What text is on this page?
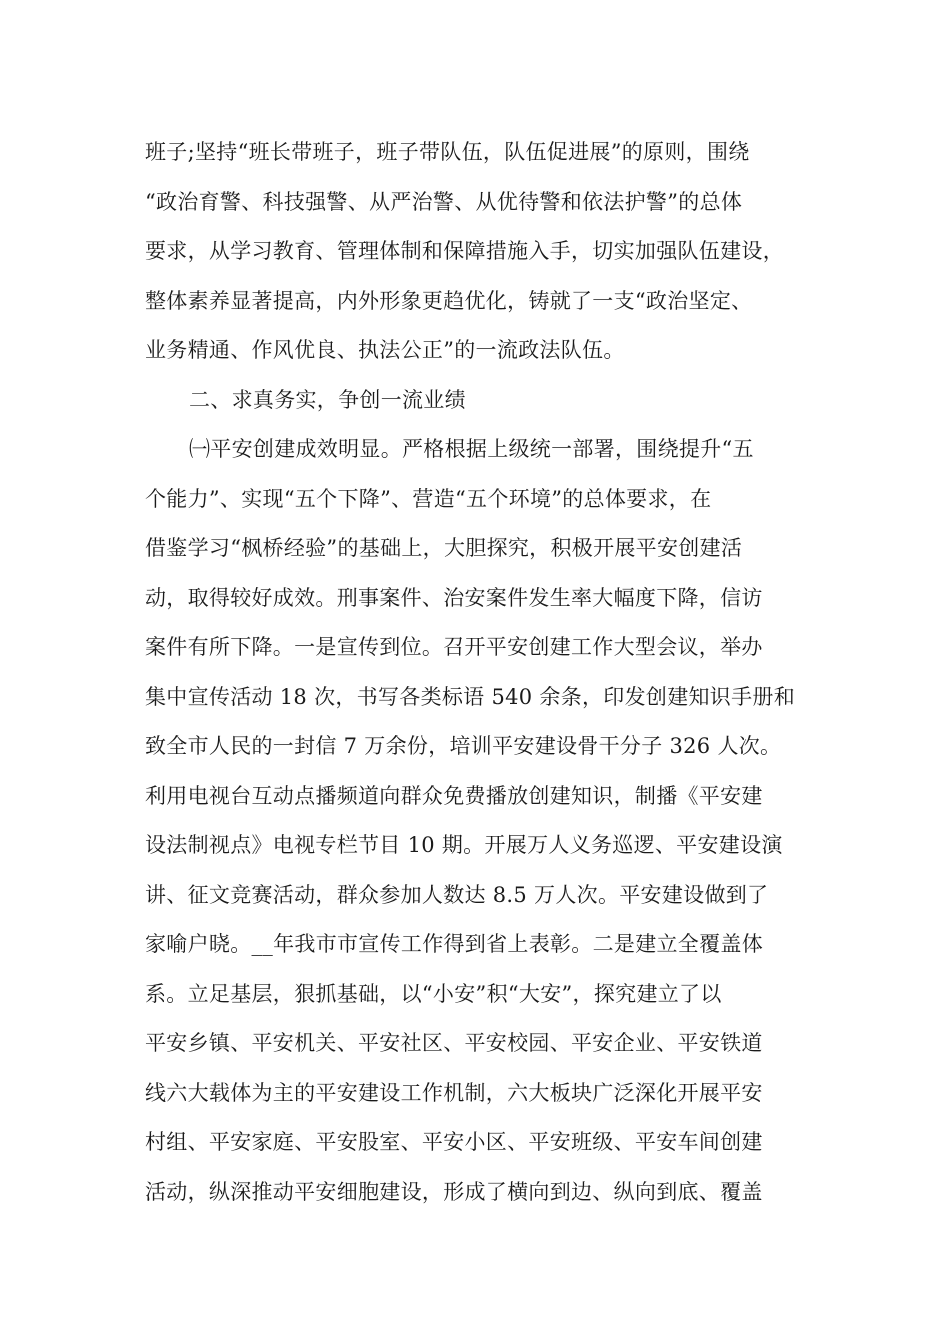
班子;坚持“班长带班子，班子带队伍，队伍促进展”的原则，围绕
“政治育警、科技强警、从严治警、从优待警和依法护警”的总体
要求，从学习教育、管理体制和保障措施入手，切实加强队伍建设，
整体素养显著提高，内外形象更趋优化，铸就了一支“政治坚定、
业务精通、作风优良、执法公正”的一流政法队伍。
二、求真务实，争创一流业绩
㈠平安创建成效明显。严格根据上级统一部署，围绕提升“五
个能力”、实现“五个下降”、营造“五个环境”的总体要求，在
借鉴学习“枫桥经验”的基础上，大胆探究，积极开展平安创建活
动，取得较好成效。刑事案件、治安案件发生率大幅度下降，信访
案件有所下降。一是宣传到位。召开平安创建工作大型会议，举办
集中宣传活动 18 次，书写各类标语 540 余条，印发创建知识手册和
致全市人民的一封信 7 万余份，培训平安建设骨干分子 326 人次。
利用电视台互动点播频道向群众免费播放创建知识，制播《平安建
设法制视点》电视专栏节目 10 期。开展万人义务巡逻、平安建设演
讲、征文竞赛活动，群众参加人数达 8.5 万人次。平安建设做到了
家喻户晓。__年我市市宣传工作得到省上表彰。二是建立全覆盖体
系。立足基层，狠抓基础，以“小安”积“大安”，探究建立了以
平安乡镇、平安机关、平安社区、平安校园、平安企业、平安铁道
线六大载体为主的平安建设工作机制，六大板块广泛深化开展平安
村组、平安家庭、平安股室、平安小区、平安班级、平安车间创建
活动，纵深推动平安细胞建设，形成了横向到边、纵向到底、覆盖
